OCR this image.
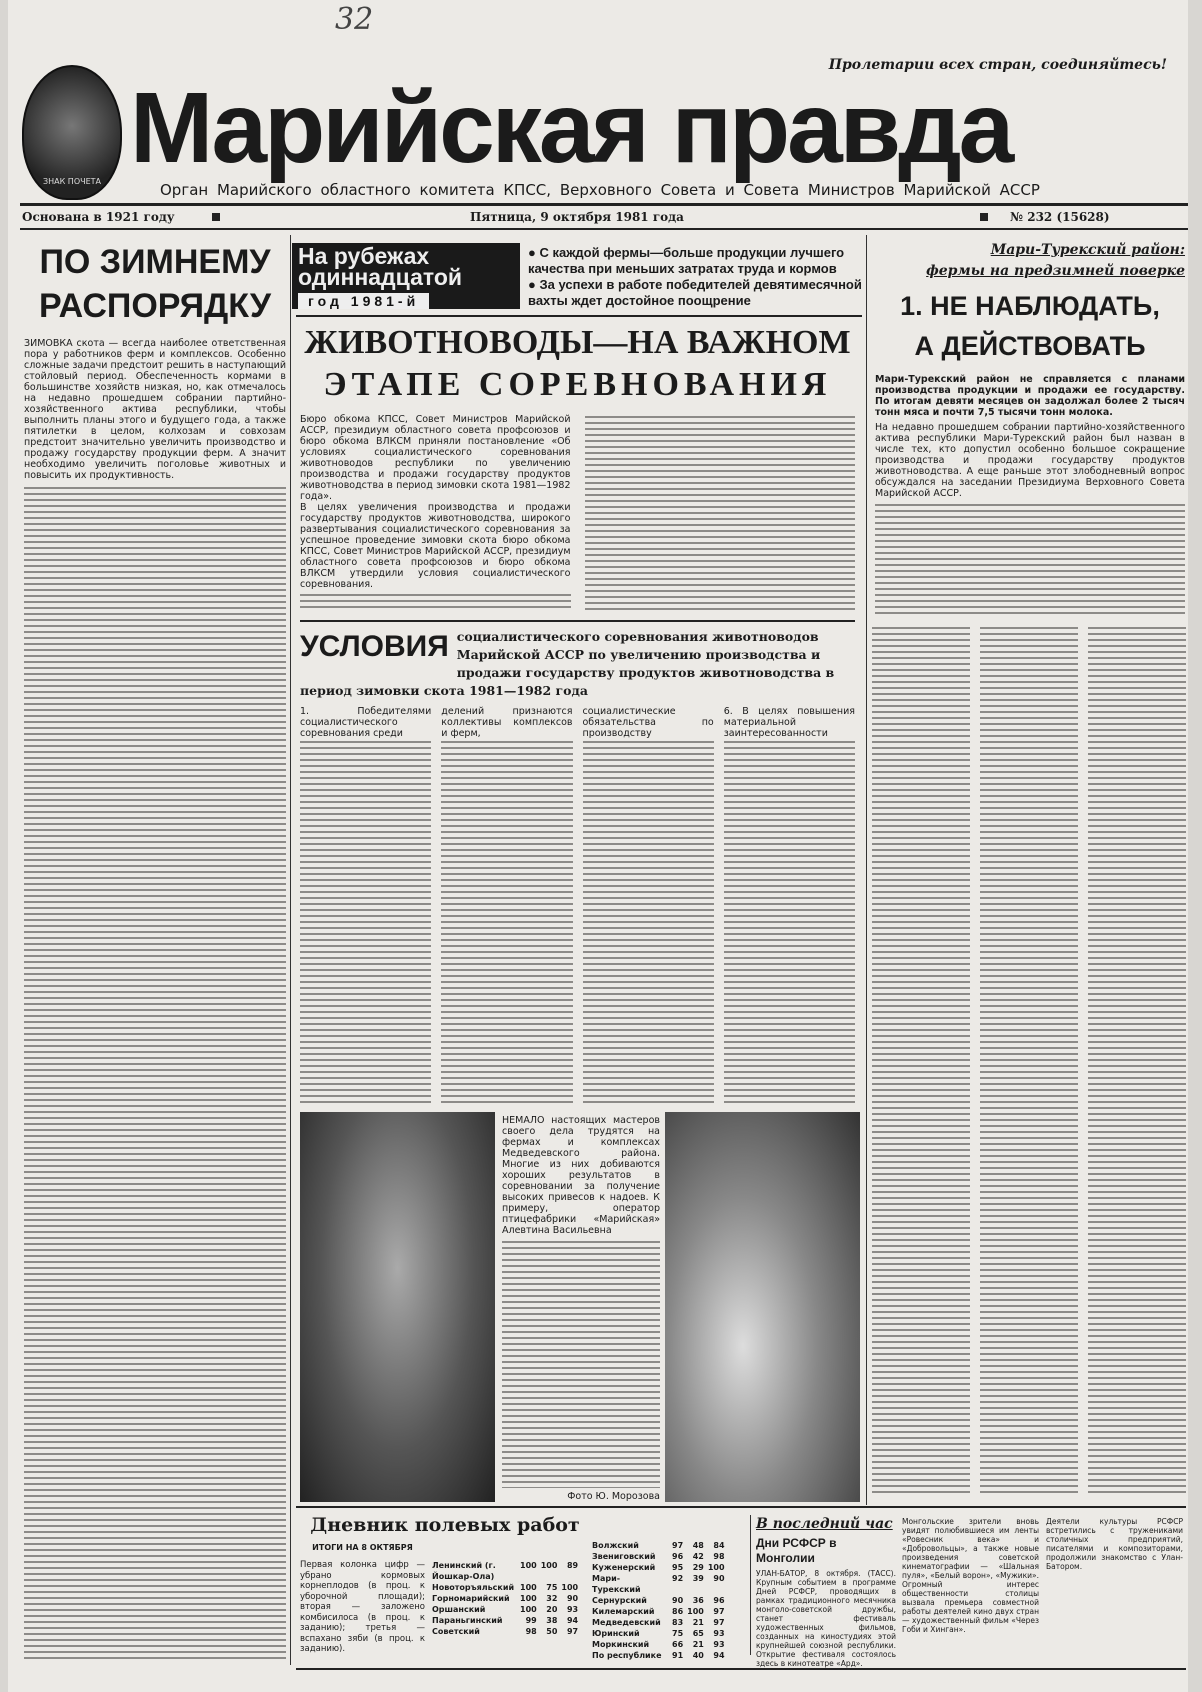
32
ЗНАК ПОЧЕТА
Пролетарии всех стран, соединяйтесь!
Марийская правда
Орган Марийского областного комитета КПСС, Верховного Совета и Совета Министров Марийской АССР
Основана в 1921 году	Пятница, 9 октября 1981 года	№ 232 (15628)
ПО ЗИМНЕМУ РАСПОРЯДКУ
ЗИМОВКА скота — всегда наиболее ответственная пора у работников ферм и комплексов. Особенно сложные задачи предстоит решить в наступающий стойловый период. Обеспеченность кормами в большинстве хозяйств низкая, но, как отмечалось на недавно прошедшем собрании партийно-хозяйственного актива республики, чтобы выполнить планы этого и будущего года, а также пятилетки в целом, колхозам и совхозам предстоит значительно увеличить производство и продажу государству продукции ферм. А значит необходимо увеличить поголовье животных и повысить их продуктивность.
На рубежах
одиннадцатой
год 1981-й
● С каждой фермы—больше продукции лучшего качества при меньших затратах труда и кормов
● За успехи в работе победителей девятимесячной вахты ждет достойное поощрение
ЖИВОТНОВОДЫ—НА ВАЖНОМ
ЭТАПЕ СОРЕВНОВАНИЯ

Бюро обкома КПСС, Совет Министров Марийской АССР, президиум областного совета профсоюзов и бюро обкома ВЛКСМ приняли постановление «Об условиях социалистического соревнования животноводов республики по увеличению производства и продажи государству продуктов животноводства в период зимовки скота 1981—1982 года».

В целях увеличения производства и продажи государству продуктов животноводства, широкого развертывания социалистического соревнования за успешное проведение зимовки скота бюро обкома КПСС, Совет Министров Марийской АССР, президиум областного совета профсоюзов и бюро обкома ВЛКСМ утвердили условия социалистического соревнования.

УСЛОВИЯ социалистического соревнования животноводов Марийской АССР по увеличению производства и продажи государству продуктов животноводства в период зимовки скота 1981—1982 года
1. Победителями социалистического соревнования среди
делений признаются коллективы комплексов и ферм,
социалистические обязательства по производству
6. В целях повышения материальной заинтересованности
НЕМАЛО настоящих мастеров своего дела трудятся на фермах и комплексах Медведевского района. Многие из них добиваются хороших результатов в соревновании за получение высоких привесов к надоев. К примеру, оператор птицефабрики «Марийская» Алевтина Васильевна
Фото Ю. Морозова
Мари-Турекский район:
фермы на предзимней поверке
1. НЕ НАБЛЮДАТЬ,
А ДЕЙСТВОВАТЬ
Мари-Турекский район не справляется с планами производства продукции и продажи ее государству. По итогам девяти месяцев он задолжал более 2 тысяч тонн мяса и почти 7,5 тысячи тонн молока.
На недавно прошедшем собрании партийно-хозяйственного актива республики Мари-Турекский район был назван в числе тех, кто допустил особенно большое сокращение производства и продажи государству продуктов животноводства. А еще раньше этот злободневный вопрос обсуждался на заседании Президиума Верховного Совета Марийской АССР.
Дневник полевых работ
ИТОГИ НА 8 ОКТЯБРЯ
Первая колонка цифр — убрано кормовых корнеплодов (в проц. к уборочной площади); вторая — заложено комбисилоса (в проц. к заданию); третья — вспахано зяби (в проц. к заданию).
Ленинский (г. Йошкар-Ола)	100	100	89
Новоторъяльский	100	75	100
Горномарийский	100	32	90
Оршанский	100	20	93
Параньгинский	99	38	94
Советский	98	50	97
Волжский	97	48	84
Звениговский	96	42	98
Куженерский	95	29	100
Мари-Турекский	92	39	90
Сернурский	90	36	96
Килемарский	86	100	97
Медведевский	83	21	97
Юринский	75	65	93
Моркинский	66	21	93
По республике	91	40	94
В последний час
Дни РСФСР в Монголии
УЛАН-БАТОР, 8 октября. (ТАСС). Крупным событием в программе Дней РСФСР, проводящих в рамках традиционного месячника монголо-советской дружбы, станет фестиваль художественных фильмов, созданных на киностудиях этой крупнейшей союзной республики. Открытие фестиваля состоялось здесь в кинотеатре «Ард».
Монгольские зрители вновь увидят полюбившиеся им ленты «Ровесник века» и «Добровольцы», а также новые произведения советской кинематографии — «Шальная пуля», «Белый ворон», «Мужики». Огромный интерес общественности столицы вызвала премьера совместной работы деятелей кино двух стран — художественный фильм «Через Гоби и Хинган».
Деятели культуры РСФСР встретились с тружениками столичных предприятий, писателями и композиторами, продолжили знакомство с Улан-Батором.
